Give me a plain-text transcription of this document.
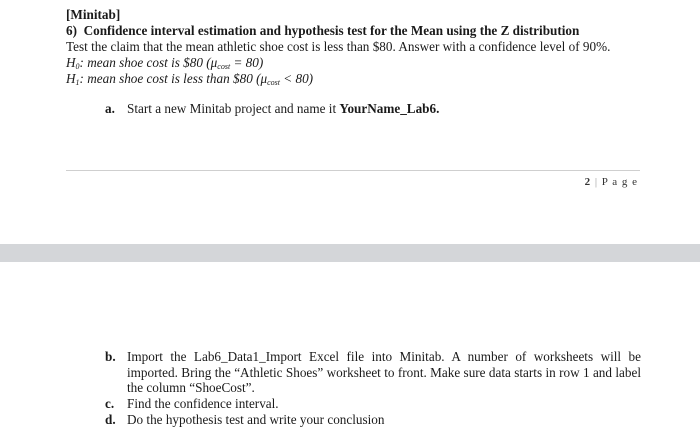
[Minitab]
6)  Confidence interval estimation and hypothesis test for the Mean using the Z distribution
Test the claim that the mean athletic shoe cost is less than $80. Answer with a confidence level of 90%.
$H_0$: mean shoe cost is $80 $(\mu_{cost} = 80)$
$H_1$: mean shoe cost is less than $80 $(\mu_{cost} < 80)$
a. Start a new Minitab project and name it YourName_Lab6.
2 | P a g e
b. Import the Lab6_Data1_Import Excel file into Minitab. A number of worksheets will be imported. Bring the “Athletic Shoes” worksheet to front. Make sure data starts in row 1 and label the column “ShoeCost”.
c. Find the confidence interval.
d. Do the hypothesis test and write your conclusion
